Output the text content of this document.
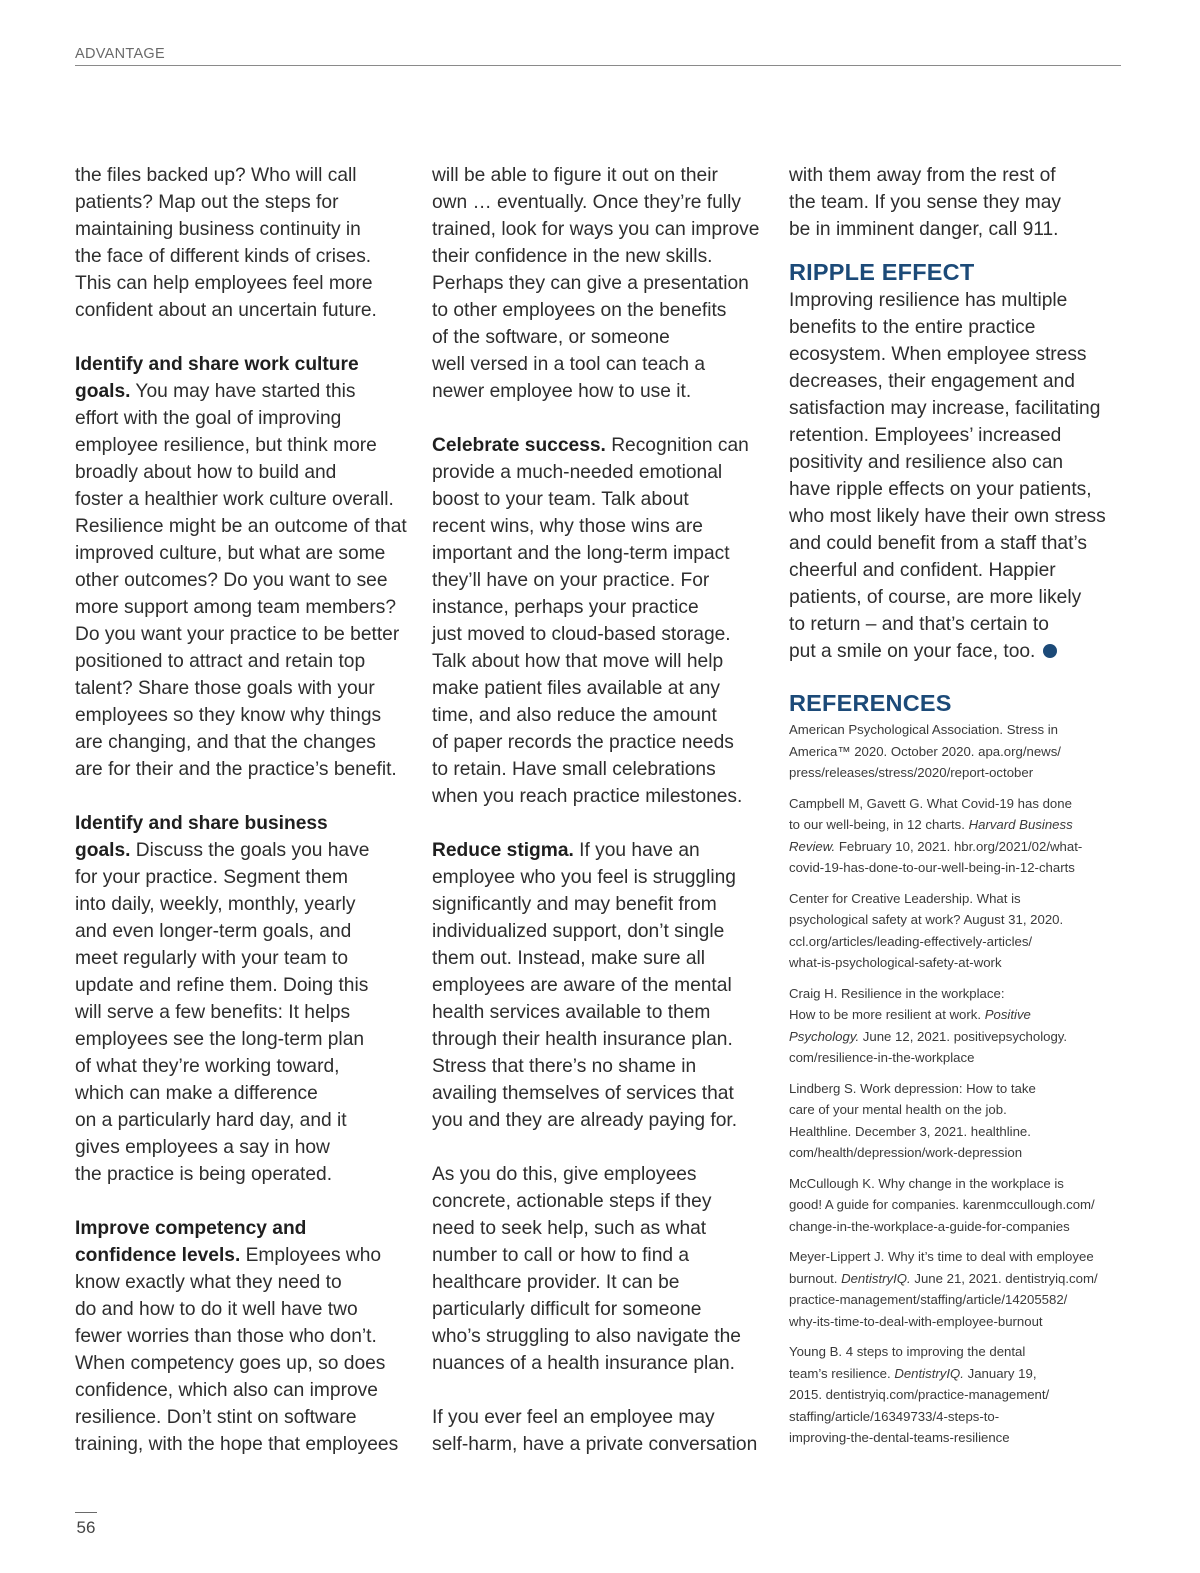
ADVANTAGE

the files backed up? Who will call

patients? Map out the steps for

maintaining business continuity in

the face of different kinds of crises.

This can help employees feel more

confident about an uncertain future.

Identify and share work culture

goals. You may have started this

effort with the goal of improving

employee resilience, but think more

broadly about how to build and

foster a healthier work culture overall.

Resilience might be an outcome of that

improved culture, but what are some

other outcomes? Do you want to see

more support among team members?

Do you want your practice to be better

positioned to attract and retain top

talent? Share those goals with your

employees so they know why things

are changing, and that the changes

are for their and the practice’s benefit.

Identify and share business

goals. Discuss the goals you have

for your practice. Segment them

into daily, weekly, monthly, yearly

and even longer-term goals, and

meet regularly with your team to

update and refine them. Doing this

will serve a few benefits: It helps

employees see the long-term plan

of what they’re working toward,

which can make a difference

on a particularly hard day, and it

gives employees a say in how

the practice is being operated.

Improve competency and

confidence levels. Employees who

know exactly what they need to

do and how to do it well have two

fewer worries than those who don’t.

When competency goes up, so does

confidence, which also can improve

resilience. Don’t stint on software

training, with the hope that employees

will be able to figure it out on their

own … eventually. Once they’re fully

trained, look for ways you can improve

their confidence in the new skills.

Perhaps they can give a presentation

to other employees on the benefits

of the software, or someone

well versed in a tool can teach a

newer employee how to use it.

Celebrate success. Recognition can

provide a much-needed emotional

boost to your team. Talk about

recent wins, why those wins are

important and the long-term impact

they’ll have on your practice. For

instance, perhaps your practice

just moved to cloud-based storage.

Talk about how that move will help

make patient files available at any

time, and also reduce the amount

of paper records the practice needs

to retain. Have small celebrations

when you reach practice milestones.

Reduce stigma. If you have an

employee who you feel is struggling

significantly and may benefit from

individualized support, don’t single

them out. Instead, make sure all

employees are aware of the mental

health services available to them

through their health insurance plan.

Stress that there’s no shame in

availing themselves of services that

you and they are already paying for.

As you do this, give employees

concrete, actionable steps if they

need to seek help, such as what

number to call or how to find a

healthcare provider. It can be

particularly difficult for someone

who’s struggling to also navigate the

nuances of a health insurance plan.

If you ever feel an employee may

self-harm, have a private conversation

with them away from the rest of

the team. If you sense they may

be in imminent danger, call 911.

RIPPLE EFFECT

Improving resilience has multiple

benefits to the entire practice

ecosystem. When employee stress

decreases, their engagement and

satisfaction may increase, facilitating

retention. Employees’ increased

positivity and resilience also can

have ripple effects on your patients,

who most likely have their own stress

and could benefit from a staff that’s

cheerful and confident. Happier

patients, of course, are more likely

to return – and that’s certain to

put a smile on your face, too.

REFERENCES

American Psychological Association. Stress in

America™ 2020. October 2020. apa.org/news/

press/releases/stress/2020/report-october

Campbell M, Gavett G. What Covid-19 has done

to our well-being, in 12 charts. Harvard Business

Review. February 10, 2021. hbr.org/2021/02/what-

covid-19-has-done-to-our-well-being-in-12-charts

Center for Creative Leadership. What is

psychological safety at work? August 31, 2020.

ccl.org/articles/leading-effectively-articles/

what-is-psychological-safety-at-work

Craig H. Resilience in the workplace:

How to be more resilient at work. Positive

Psychology. June 12, 2021. positivepsychology.

com/resilience-in-the-workplace

Lindberg S. Work depression: How to take

care of your mental health on the job.

Healthline. December 3, 2021. healthline.

com/health/depression/work-depression

McCullough K. Why change in the workplace is

good! A guide for companies. karenmccullough.com/

change-in-the-workplace-a-guide-for-companies

Meyer-Lippert J. Why it’s time to deal with employee

burnout. DentistryIQ. June 21, 2021. dentistryiq.com/

practice-management/staffing/article/14205582/

why-its-time-to-deal-with-employee-burnout

Young B. 4 steps to improving the dental

team’s resilience. DentistryIQ. January 19,

2015. dentistryiq.com/practice-management/

staffing/article/16349733/4-steps-to-

improving-the-dental-teams-resilience

56
